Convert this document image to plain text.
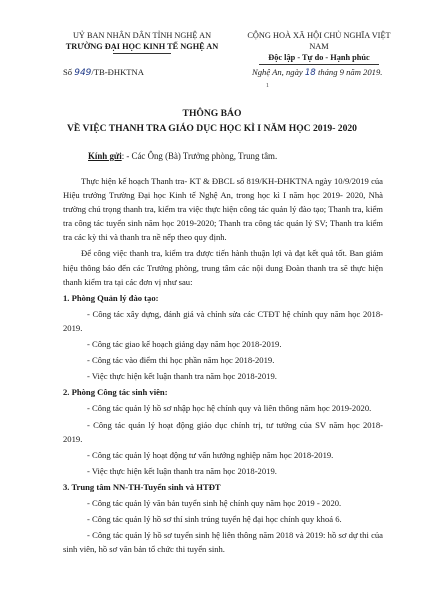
UỶ BAN NHÂN DÂN TỈNH NGHỆ AN
TRƯỜNG ĐẠI HỌC KINH TẾ NGHỆ AN
CỘNG HOÀ XÃ HỘI CHỦ NGHĨA VIỆT NAM
Độc lập - Tự do - Hạnh phúc
Số 949/TB-ĐHKTNA	Nghệ An, ngày 18 tháng 9 năm 2019.
1
THÔNG BÁO
VỀ VIỆC THANH TRA GIÁO DỤC HỌC KÌ I NĂM HỌC 2019- 2020
Kính gửi: - Các Ông (Bà) Trưởng phòng, Trung tâm.

Thực hiện kế hoạch Thanh tra- KT & ĐBCL số 819/KH-ĐHKTNA ngày 10/9/2019 của Hiệu trưởng Trường Đại học Kinh tế Nghệ An, trong học kì I năm học 2019- 2020, Nhà trường chú trọng thanh tra, kiểm tra việc thực hiện công tác quản lý đào tạo; Thanh tra, kiểm tra công tác tuyển sinh năm học 2019-2020; Thanh tra công tác quản lý SV; Thanh tra kiểm tra các kỳ thi và thanh tra nề nếp theo quy định.

Để công việc thanh tra, kiểm tra được tiến hành thuận lợi và đạt kết quả tốt. Ban giám hiệu thông báo đến các Trưởng phòng, trung tâm các nội dung Đoàn thanh tra sẽ thực hiện thanh kiểm tra tại các đơn vị như sau:

1. Phòng Quản lý đào tạo:

- Công tác xây dựng, đánh giá và chỉnh sửa các CTĐT hệ chính quy năm học 2018-2019.

- Công tác giao kế hoạch giảng dạy năm học 2018-2019.

- Công tác vào điểm thi học phần năm học 2018-2019.

- Việc thực hiện kết luận thanh tra năm học 2018-2019.

2. Phòng Công tác sinh viên:

- Công tác quản lý hồ sơ nhập học hệ chính quy và liên thông năm học 2019-2020.

- Công tác quản lý hoạt động giáo dục chính trị, tư tưởng của SV năm học 2018-2019.

- Công tác quản lý hoạt động tư vấn hướng nghiệp năm học 2018-2019.

- Việc thực hiện kết luận thanh tra năm học 2018-2019.

3. Trung tâm NN-TH-Tuyển sinh và HTĐT

- Công tác quản lý văn bản tuyển sinh hệ chính quy năm học 2019 - 2020.

- Công tác quản lý hồ sơ thí sinh trúng tuyển hệ đại học chính quy khoá 6.

- Công tác quản lý hồ sơ tuyển sinh hệ liên thông năm 2018 và 2019: hồ sơ dự thi của sinh viên, hồ sơ văn bản tổ chức thi tuyển sinh.
